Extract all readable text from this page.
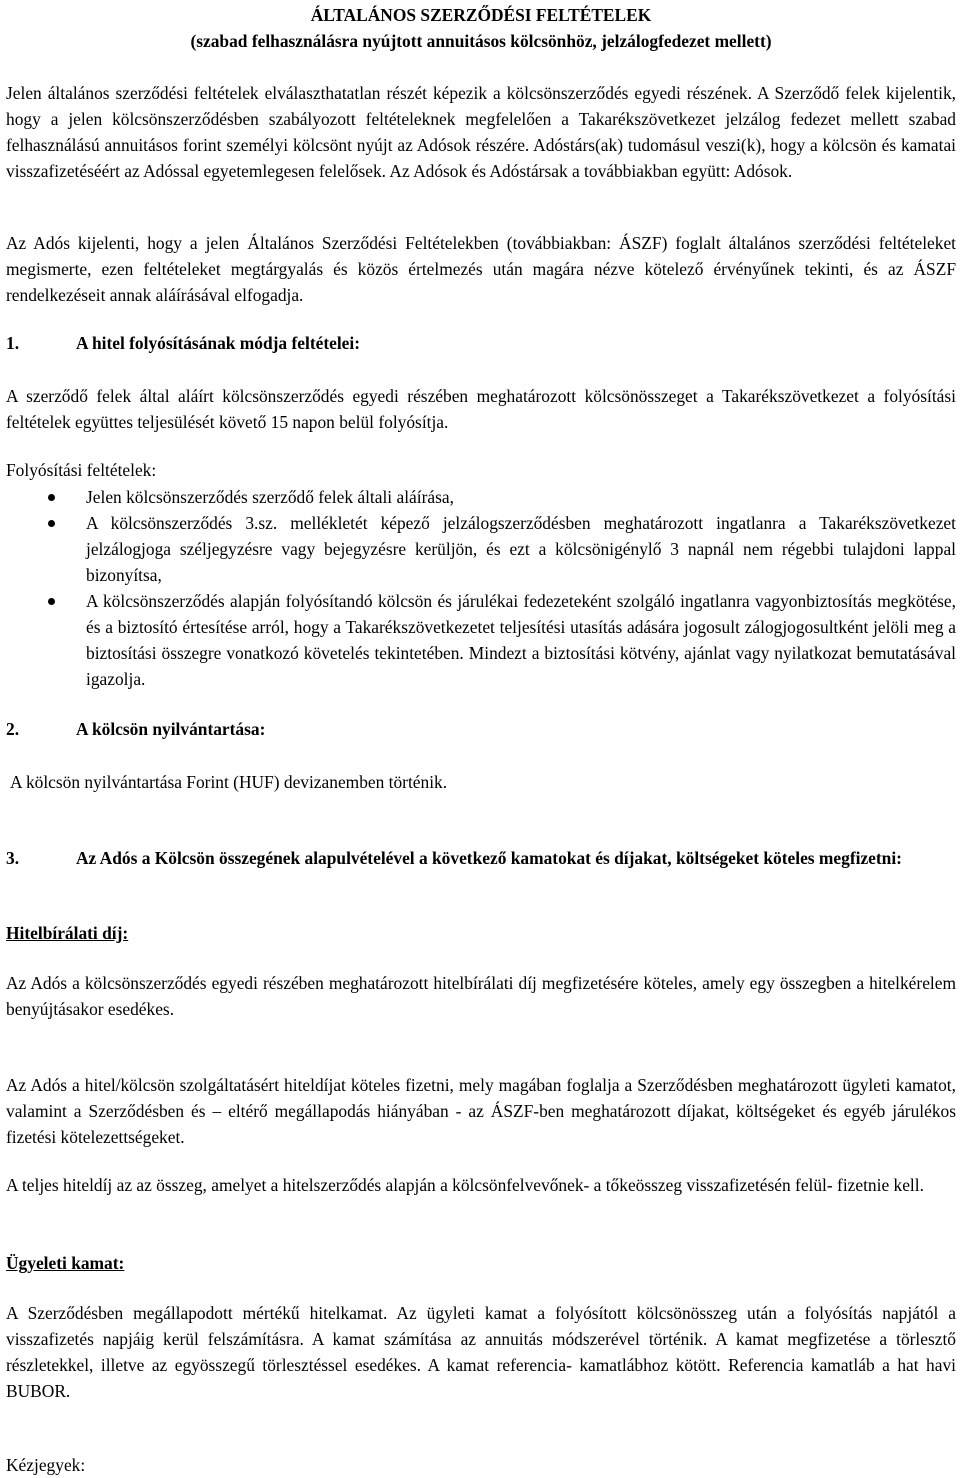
ÁLTALÁNOS SZERZŐDÉSI FELTÉTELEK
(szabad felhasználásra nyújtott annuitásos kölcsönhöz, jelzálogfedezet mellett)
Jelen általános szerződési feltételek elválaszthatatlan részét képezik a kölcsönszerződés egyedi részének. A Szerződő felek kijelentik, hogy a jelen kölcsönszerződésben szabályozott feltételeknek megfelelően a Takarékszövetkezet jelzálog fedezet mellett szabad felhasználású annuitásos forint személyi kölcsönt nyújt az Adósok részére. Adóstárs(ak) tudomásul veszi(k), hogy a kölcsön és kamatai visszafizetéséért az Adóssal egyetemlegesen felelősek. Az Adósok és Adóstársak a továbbiakban együtt: Adósok.
Az Adós kijelenti, hogy a jelen Általános Szerződési Feltételekben (továbbiakban: ÁSZF) foglalt általános szerződési feltételeket megismerte, ezen feltételeket megtárgyalás és közös értelmezés után magára nézve kötelező érvényűnek tekinti, és az ÁSZF rendelkezéseit annak aláírásával elfogadja.
1.	A hitel folyósításának módja feltételei:
A szerződő felek által aláírt kölcsönszerződés egyedi részében meghatározott kölcsönösszeget a Takarékszövetkezet a folyósítási feltételek együttes teljesülését követő 15 napon belül folyósítja.
Folyósítási feltételek:
Jelen kölcsönszerződés szerződő felek általi aláírása,
A kölcsönszerződés 3.sz. mellékletét képező jelzálogszerződésben meghatározott ingatlanra a Takarékszövetkezet jelzálogjoga széljegyzésre vagy bejegyzésre kerüljön, és ezt a kölcsönigénylő 3 napnál nem régebbi tulajdoni lappal bizonyítsa,
A kölcsönszerződés alapján folyósítandó kölcsön és járulékai fedezeteként szolgáló ingatlanra vagyonbiztosítás megkötése, és a biztosító értesítése arról, hogy a Takarékszövetkezetet teljesítési utasítás adására jogosult zálogjogosultként jelöli meg a biztosítási összegre vonatkozó követelés tekintetében. Mindezt a biztosítási kötvény, ajánlat vagy nyilatkozat bemutatásával igazolja.
2.	A kölcsön nyilvántartása:
A kölcsön nyilvántartása Forint (HUF) devizanemben történik.
3.	Az Adós a Kölcsön összegének alapulvételével a következő kamatokat és díjakat, költségeket köteles megfizetni:
Hitelbírálati díj:
Az Adós a kölcsönszerződés egyedi részében meghatározott hitelbírálati díj megfizetésére köteles, amely egy összegben a hitelkérelem benyújtásakor esedékes.
Az Adós a hitel/kölcsön szolgáltatásért hiteldíjat köteles fizetni, mely magában foglalja a Szerződésben meghatározott ügyleti kamatot, valamint a Szerződésben és – eltérő megállapodás hiányában - az ÁSZF-ben meghatározott díjakat, költségeket és egyéb járulékos fizetési kötelezettségeket.
A teljes hiteldíj az az összeg, amelyet a hitelszerződés alapján a kölcsönfelvevőnek- a tőkeösszeg visszafizetésén felül- fizetnie kell.
Ügyeleti kamat:
A Szerződésben megállapodott mértékű hitelkamat. Az ügyleti kamat a folyósított kölcsönösszeg után a folyósítás napjától a visszafizetés napjáig kerül felszámításra. A kamat számítása az annuitás módszerével történik. A kamat megfizetése a törlesztő részletekkel, illetve az egyösszegű törlesztéssel esedékes. A kamat referencia- kamatlábhoz kötött. Referencia kamatláb a hat havi BUBOR.
Kézjegyek:
